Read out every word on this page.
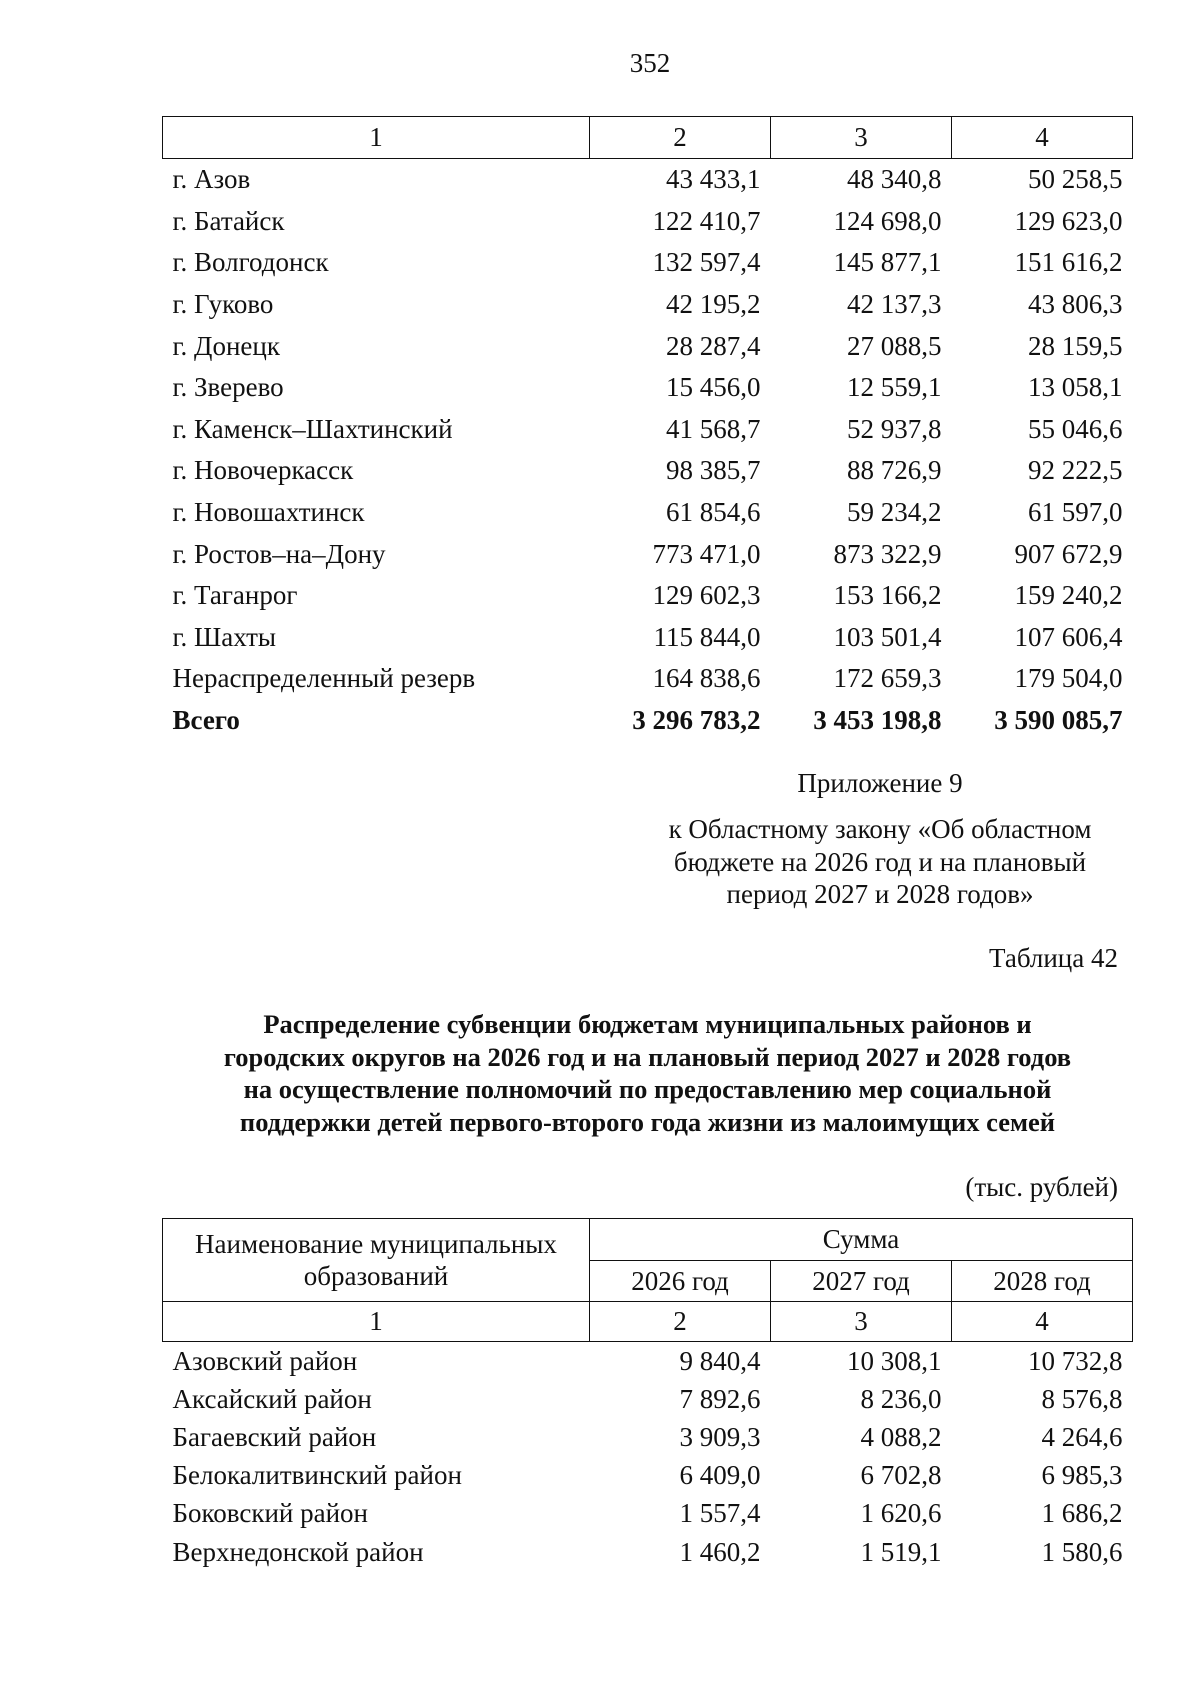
352
1	2	3	4
г. Азов	43 433,1	48 340,8	50 258,5
г. Батайск	122 410,7	124 698,0	129 623,0
г. Волгодонск	132 597,4	145 877,1	151 616,2
г. Гуково	42 195,2	42 137,3	43 806,3
г. Донецк	28 287,4	27 088,5	28 159,5
г. Зверево	15 456,0	12 559,1	13 058,1
г. Каменск–Шахтинский	41 568,7	52 937,8	55 046,6
г. Новочеркасск	98 385,7	88 726,9	92 222,5
г. Новошахтинск	61 854,6	59 234,2	61 597,0
г. Ростов–на–Дону	773 471,0	873 322,9	907 672,9
г. Таганрог	129 602,3	153 166,2	159 240,2
г. Шахты	115 844,0	103 501,4	107 606,4
Нераспределенный резерв	164 838,6	172 659,3	179 504,0
Всего	3 296 783,2	3 453 198,8	3 590 085,7
Приложение 9
к Областному закону «Об областном
бюджете на 2026 год и на плановый
период 2027 и 2028 годов»
Таблица 42
Распределение субвенции бюджетам муниципальных районов и
городских округов на 2026 год и на плановый период 2027 и 2028 годов
на осуществление полномочий по предоставлению мер социальной
поддержки детей первого-второго года жизни из малоимущих семей
(тыс. рублей)
Наименование муниципальных
образований	Сумма		
	2026 год	2027 год	2028 год
1	2	3	4
Азовский район	9 840,4	10 308,1	10 732,8
Аксайский район	7 892,6	8 236,0	8 576,8
Багаевский район	3 909,3	4 088,2	4 264,6
Белокалитвинский район	6 409,0	6 702,8	6 985,3
Боковский район	1 557,4	1 620,6	1 686,2
Верхнедонской район	1 460,2	1 519,1	1 580,6
